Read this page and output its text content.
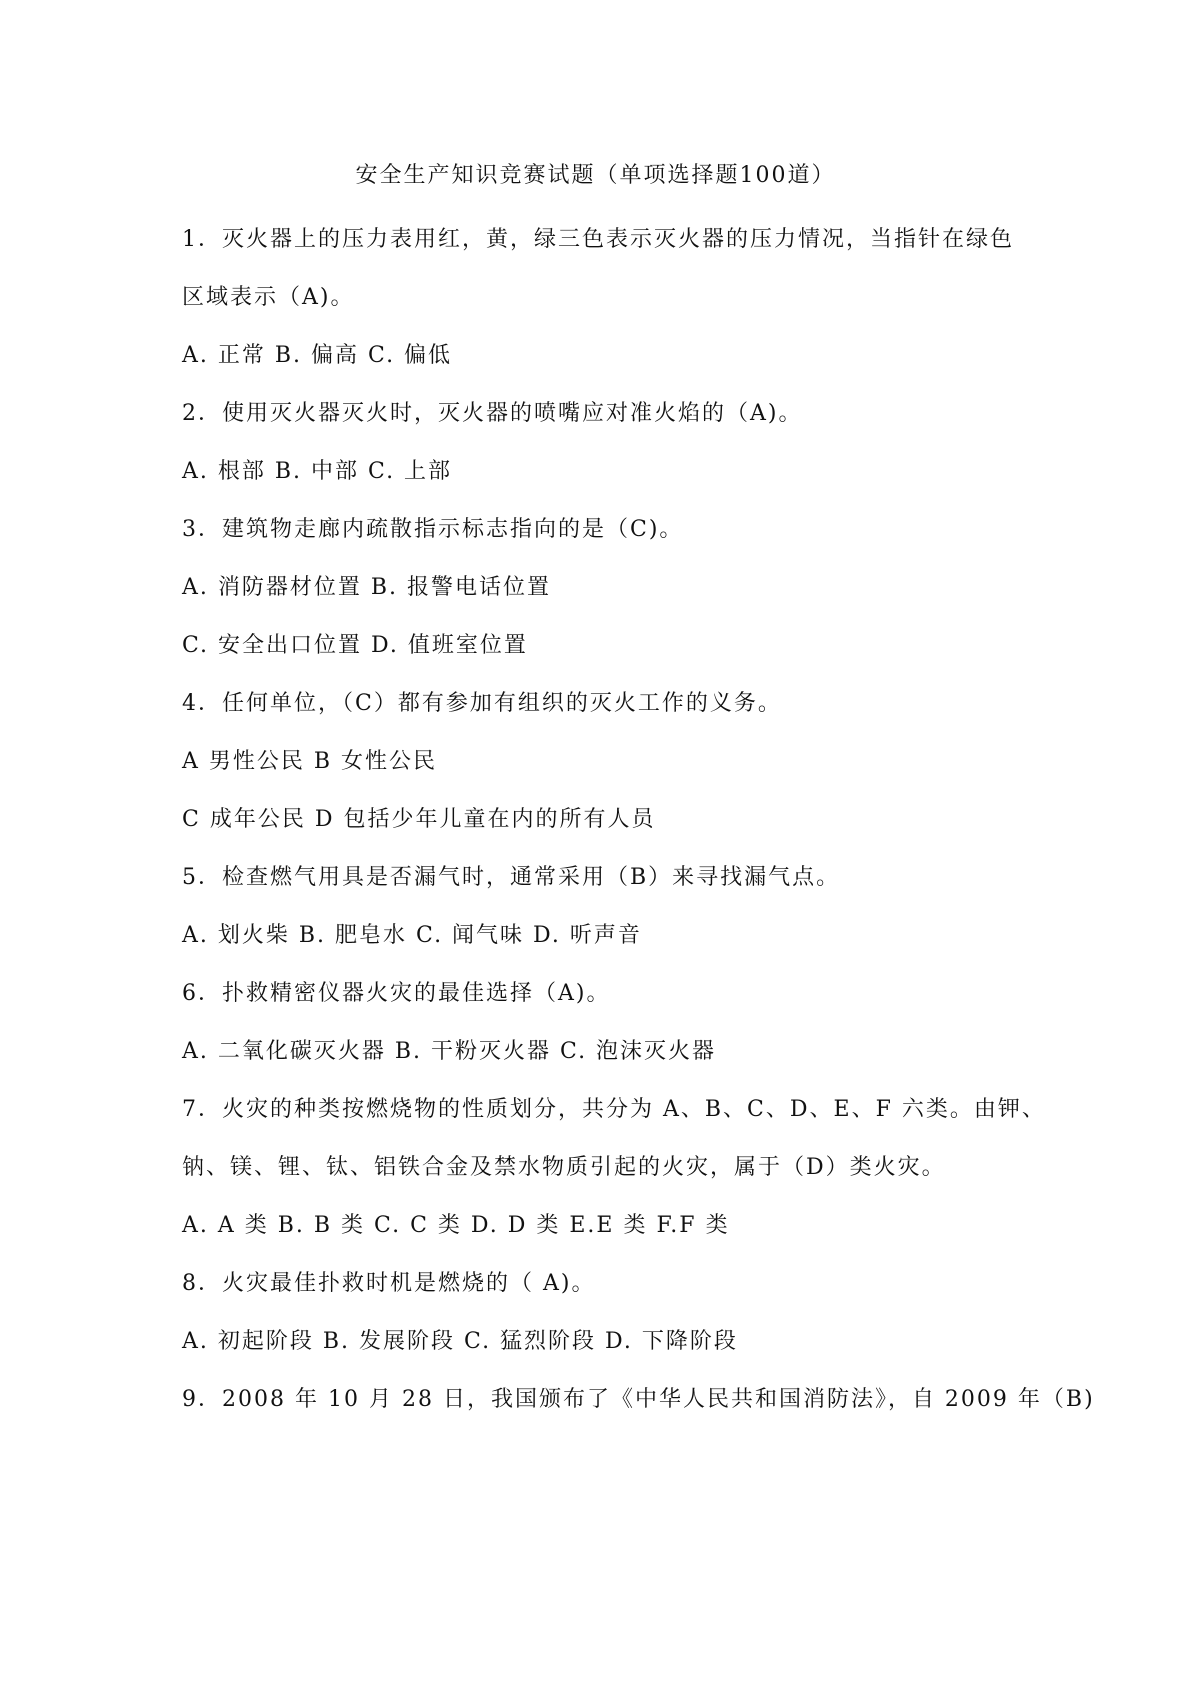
安全生产知识竞赛试题（单项选择题100道）
1．灭火器上的压力表用红，黄，绿三色表示灭火器的压力情况，当指针在绿色
区域表示（A)。
A. 正常 B. 偏高 C. 偏低
2．使用灭火器灭火时，灭火器的喷嘴应对准火焰的（A)。
A. 根部 B. 中部 C. 上部
3．建筑物走廊内疏散指示标志指向的是（C)。
A. 消防器材位置 B. 报警电话位置
C. 安全出口位置 D. 值班室位置
4．任何单位，（C）都有参加有组织的灭火工作的义务。
A 男性公民 B 女性公民
C 成年公民 D 包括少年儿童在内的所有人员
5．检查燃气用具是否漏气时，通常采用（B）来寻找漏气点。
A. 划火柴 B. 肥皂水 C. 闻气味 D. 听声音
6．扑救精密仪器火灾的最佳选择（A)。
A. 二氧化碳灭火器 B. 干粉灭火器 C. 泡沫灭火器
7．火灾的种类按燃烧物的性质划分，共分为 A、B、C、D、E、F 六类。由钾、
钠、镁、锂、钛、铝铁合金及禁水物质引起的火灾，属于（D）类火灾。
A. A 类 B. B 类 C. C 类 D. D 类 E.E 类 F.F 类
8．火灾最佳扑救时机是燃烧的（ A)。
A. 初起阶段 B. 发展阶段 C. 猛烈阶段 D. 下降阶段
9．2008 年 10 月 28 日，我国颁布了《中华人民共和国消防法》，自 2009 年（B)
